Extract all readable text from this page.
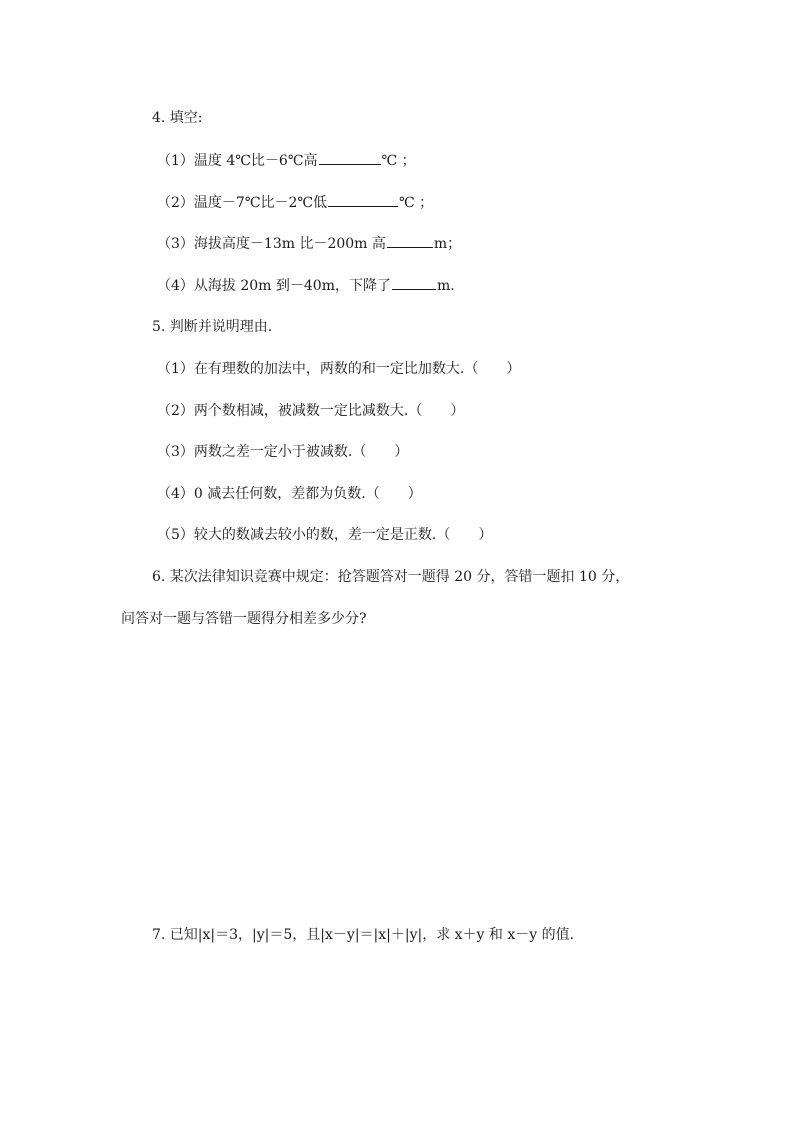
4. 填空:
（1）温度 4℃比－6℃高	℃ ；
（2）温度－7℃比－2℃低	℃ ；
（3）海拔高度－13m 比－200m 高	m；
（4）从海拔 20m 到－40m，下降了	m.
5. 判断并说明理由.
（1）在有理数的加法中，两数的和一定比加数大.（　　）
（2）两个数相减，被减数一定比减数大.（　　）
（3）两数之差一定小于被减数.（　　）
（4）0 减去任何数，差都为负数.（　　）
（5）较大的数减去较小的数，差一定是正数.（　　）
6. 某次法律知识竞赛中规定：抢答题答对一题得 20 分，答错一题扣 10 分，
问答对一题与答错一题得分相差多少分?
7. 已知|x|＝3，|y|＝5，且|x－y|＝|x|＋|y|，求 x＋y 和 x－y 的值.
